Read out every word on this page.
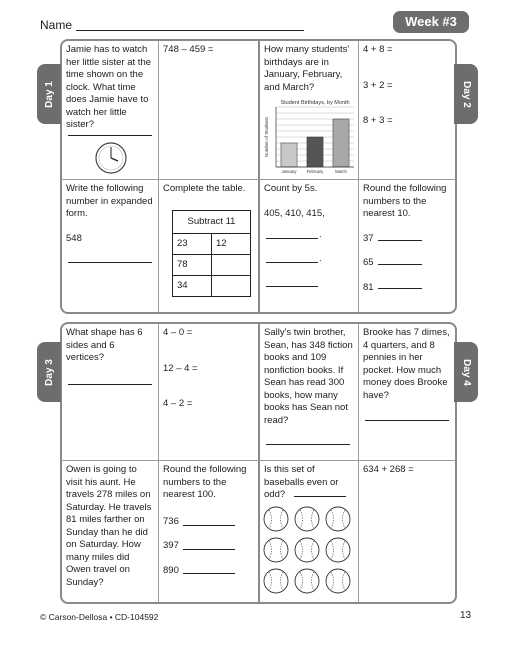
Name	Week #3

Jamie has to watch her little sister at the time shown on the clock. What time does Jamie have to watch her little sister?

748 – 459 =	How many students' birthdays are in January, February, and March?

Student Birthdays, by Month
Number of Students
January February	March

4 + 8 =

3 + 2 =

8 + 3 =

Write the following number in expanded form.

548

Complete the table.

Subtract 11	
23	12
78	
34	

Count by 5s.

405, 410, 415,

.
.

Round the following numbers to the nearest 10.

37

65

81

Day 1	Day 2

What shape has 6 sides and 6 vertices?

4 – 0 =

12 – 4 =

4 – 2 =

Sally's twin brother, Sean, has 348 fiction books and 109 nonfiction books. If Sean has read 300 books, how many books has Sean not read?

Brooke has 7 dimes, 4 quarters, and 8 pennies in her pocket. How much money does Brooke have?

Owen is going to visit his aunt. He travels 278 miles on Saturday. He travels 81 miles farther on Sunday than he did on Saturday. How many miles did Owen travel on Sunday?

Round the following numbers to the nearest 100.

736

397

890

Is this set of baseballs even or odd?

634 + 268 =

Day 3	Day 4
© Carson-Dellosa • CD-104592	13
